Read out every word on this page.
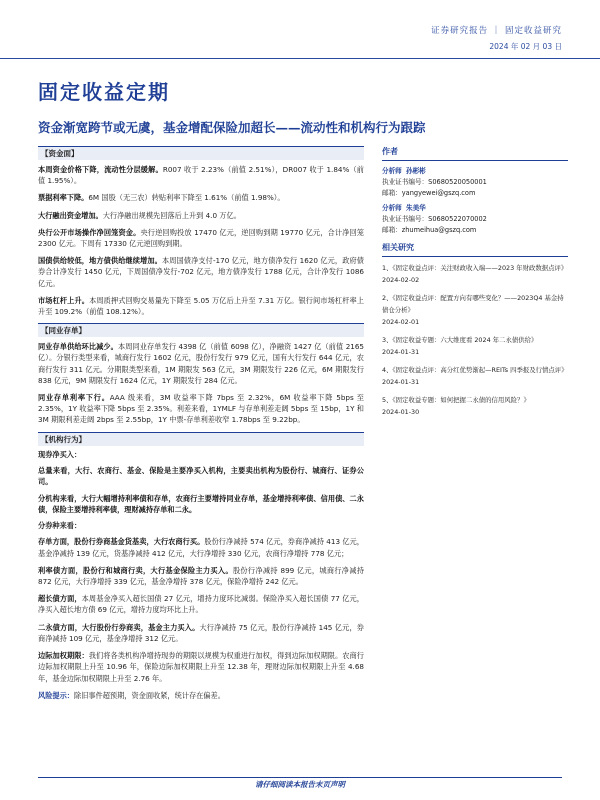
证券研究报告 ｜ 固定收益研究
2024 年 02 月 03 日
固定收益定期
资金渐宽跨节或无虞，基金增配保险加超长——流动性和机构行为跟踪
【资金面】

本周资金价格下降，流动性分层缓解。R007 收于 2.23%（前值 2.51%），DR007 收于 1.84%（前值 1.95%）。

票据利率下降。6M 国股（无三农）转贴利率下降至 1.61%（前值 1.98%）。

大行融出资金增加。大行净融出规模先回落后上升到 4.0 万亿。

央行公开市场操作净回笼资金。央行逆回购投放 17470 亿元，逆回购到期 19770 亿元，合计净回笼 2300 亿元。下周有 17330 亿元逆回购到期。

国债供给较低，地方债供给继续增加。本周国债净支付-170 亿元，地方债净发行 1620 亿元，政府债券合计净发行 1450 亿元，下周国债净发行-702 亿元，地方债净发行 1788 亿元，合计净发行 1086 亿元。

市场杠杆上升。本周质押式回购交易量先下降至 5.05 万亿后上升至 7.31 万亿。银行间市场杠杆率上升至 109.2%（前值 108.12%）。

【同业存单】

同业存单供给环比减少。本周同业存单发行 4398 亿（前值 6098 亿），净融资 1427 亿（前值 2165 亿）。分银行类型来看，城商行发行 1602 亿元，股份行发行 979 亿元，国有大行发行 644 亿元，农商行发行 311 亿元。分期限类型来看，1M 期限发 563 亿元，3M 期限发行 226 亿元，6M 期限发行 838 亿元，9M 期限发行 1624 亿元，1Y 期限发行 284 亿元。

同业存单利率下行。AAA 级来看，3M 收益率下降 7bps 至 2.32%，6M 收益率下降 5bps 至 2.35%，1Y 收益率下降 5bps 至 2.35%。利差来看，1YMLF 与存单利差走阔 5bps 至 15bp，1Y 和 3M 期限利差走阔 2bps 至 2.55bp，1Y 中票-存单利差收窄 1.78bps 至 9.22bp。

【机构行为】
现券净买入：

总量来看，大行、农商行、基金、保险是主要净买入机构，主要卖出机构为股份行、城商行、证券公司。

分机构来看，大行大幅增持利率债和存单，农商行主要增持同业存单，基金增持利率债、信用债、二永债，保险主要增持利率债，理财减持存单和二永。

分券种来看：

存单方面，股份行券商基金货基卖，大行农商行买。股份行净减持 574 亿元，券商净减持 413 亿元，基金净减持 139 亿元，货基净减持 412 亿元，大行净增持 330 亿元，农商行净增持 778 亿元；

利率债方面，股份行和城商行卖，大行基金保险主力买入。股份行净减持 899 亿元，城商行净减持 872 亿元，大行净增持 339 亿元，基金净增持 378 亿元，保险净增持 242 亿元。

超长债方面，本周基金净买入超长国债 27 亿元，增持力度环比减弱。保险净买入超长国债 77 亿元，净买入超长地方债 69 亿元，增持力度均环比上升。

二永债方面，大行股份行券商卖，基金主力买入。大行净减持 75 亿元，股份行净减持 145 亿元，券商净减持 109 亿元，基金净增持 312 亿元。

边际加权期限：我们将各类机构净增持现券的期限以规模为权重进行加权，得到边际加权期限。农商行边际加权期限上升至 10.96 年，保险边际加权期限上升至 12.38 年，理财边际加权期限上升至 4.68 年，基金边际加权期限上升至 2.76 年。

风险提示：除旧事件超预期，资金面收紧，统计存在偏差。

作者
分析师 孙彬彬
执业证书编号：S0680520050001
邮箱：yangyewei@gszq.com
分析师 朱美华
执业证书编号：S0680522070002
邮箱：zhumeihua@gszq.com
相关研究
1、《固定收益点评：关注财政收入端——2023 年财政数据点评》
2024-02-02
2、《固定收益点评：配置方向有哪些变化？——2023Q4 基金持债仓分析》
2024-02-01
3、《固定收益专题：六大维度看 2024 年二永债供给》
2024-01-31
4、《固定收益点评：高分红优势渐起—REITs 四季报及行情点评》
2024-01-31
5、《固定收益专题：如何把握二永债的信用风险？》
2024-01-30
请仔细阅读本报告末页声明
